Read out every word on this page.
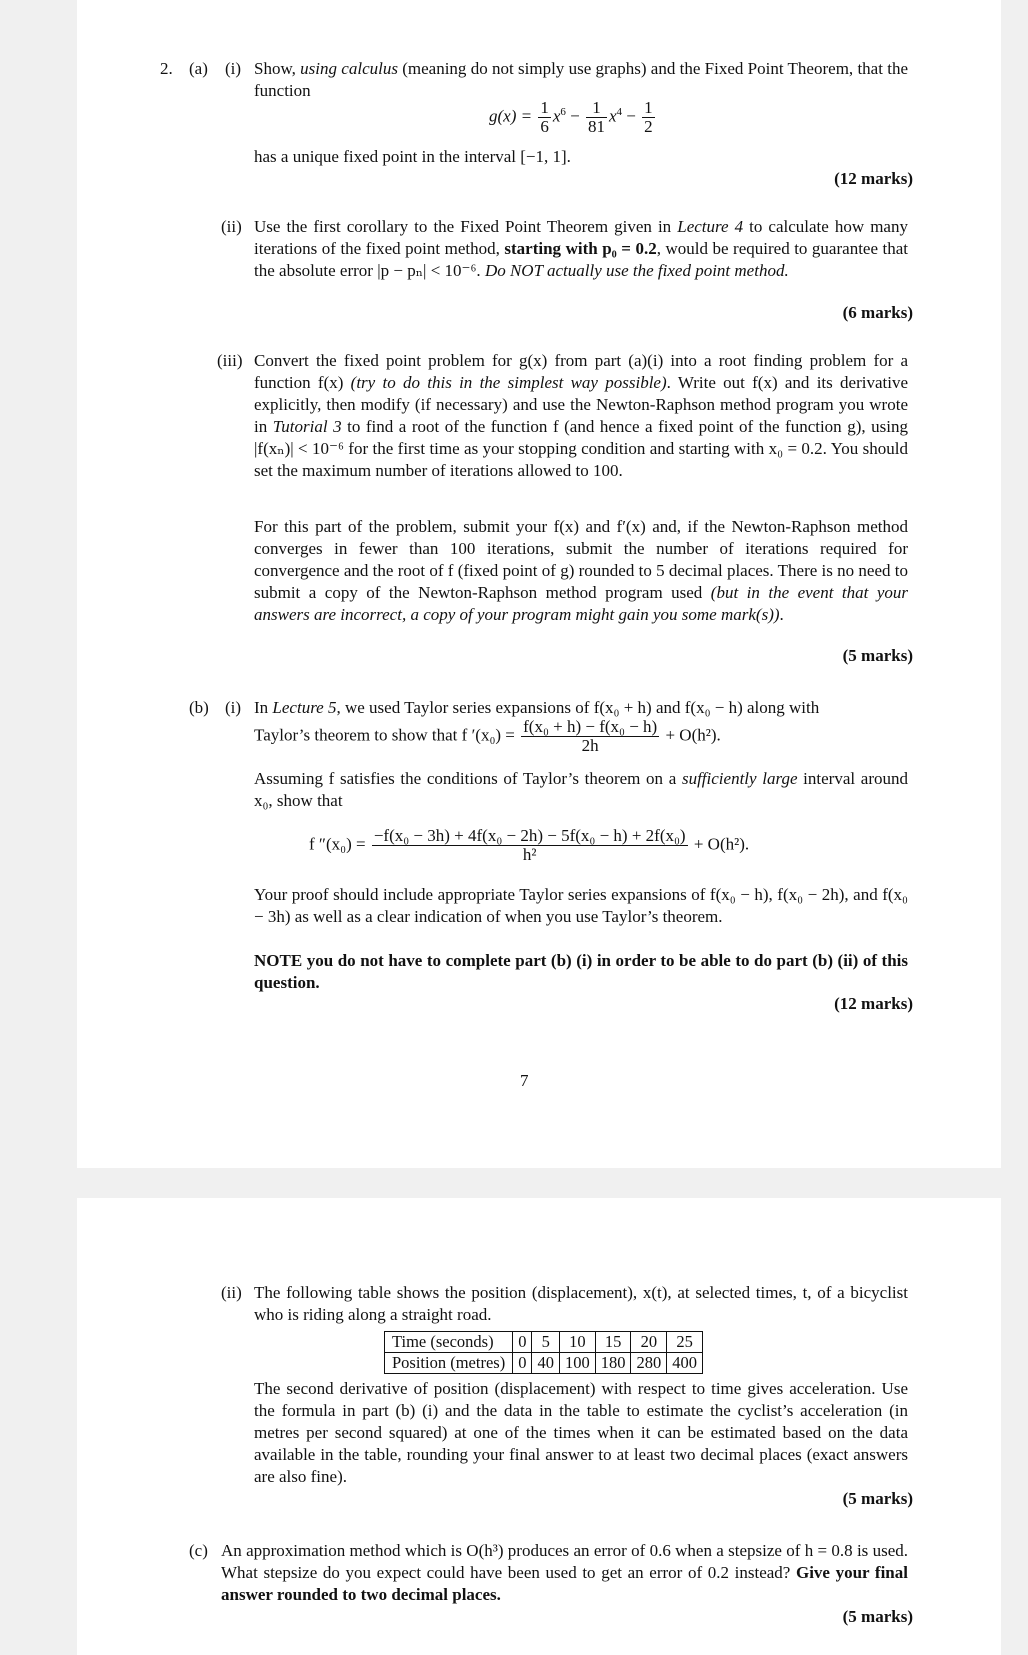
2. (a) (i) Show, using calculus (meaning do not simply use graphs) and the Fixed Point Theorem, that the function
$g(x) = \frac{1}{6} x^6 - \frac{1}{81} x^4 - \frac{1}{2}$
has a unique fixed point in the interval [−1, 1].
(12 marks)
(ii) Use the first corollary to the Fixed Point Theorem given in Lecture 4 to calculate how many iterations of the fixed point method, starting with p₀ = 0.2, would be required to guarantee that the absolute error |p − pₙ| < 10⁻⁶. Do NOT actually use the fixed point method.
(6 marks)
(iii) Convert the fixed point problem for g(x) from part (a)(i) into a root finding problem for a function f(x) (try to do this in the simplest way possible). Write out f(x) and its derivative explicitly, then modify (if necessary) and use the Newton-Raphson method program you wrote in Tutorial 3 to find a root of the function f (and hence a fixed point of the function g), using |f(xₙ)| < 10⁻⁶ for the first time as your stopping condition and starting with x₀ = 0.2. You should set the maximum number of iterations allowed to 100.
For this part of the problem, submit your f(x) and f′(x) and, if the Newton-Raphson method converges in fewer than 100 iterations, submit the number of iterations required for convergence and the root of f (fixed point of g) rounded to 5 decimal places. There is no need to submit a copy of the Newton-Raphson method program used (but in the event that your answers are incorrect, a copy of your program might gain you some mark(s)).
(5 marks)
(b) (i) In Lecture 5, we used Taylor series expansions of f(x₀ + h) and f(x₀ − h) along with
Taylor’s theorem to show that f $'(x_0) = \frac{\text{f(x₀ + h) − f(x₀ − h)}}{2h} + O(h^2)$.
Assuming f satisfies the conditions of Taylor’s theorem on a sufficiently large interval around x₀, show that
f $''(x_0) = \frac{\text{−f(x₀ − 3h) + 4f(x₀ − 2h) − 5f(x₀ − h) + 2f(x₀)}}{\text{h²}} + O(h^2)$.
Your proof should include appropriate Taylor series expansions of f(x₀ − h), f(x₀ − 2h), and f(x₀ − 3h) as well as a clear indication of when you use Taylor’s theorem.
NOTE you do not have to complete part (b) (i) in order to be able to do part (b) (ii) of this question.
(12 marks)
7
(ii) The following table shows the position (displacement), x(t), at selected times, t, of a bicyclist who is riding along a straight road.
Time (seconds)	0	5	10	15	20	25
Position (metres)	0	40	100	180	280	400
The second derivative of position (displacement) with respect to time gives acceleration. Use the formula in part (b) (i) and the data in the table to estimate the cyclist’s acceleration (in metres per second squared) at one of the times when it can be estimated based on the data available in the table, rounding your final answer to at least two decimal places (exact answers are also fine).
(5 marks)
(c) An approximation method which is O(h³) produces an error of 0.6 when a stepsize of h = 0.8 is used. What stepsize do you expect could have been used to get an error of 0.2 instead? Give your final answer rounded to two decimal places.
(5 marks)
